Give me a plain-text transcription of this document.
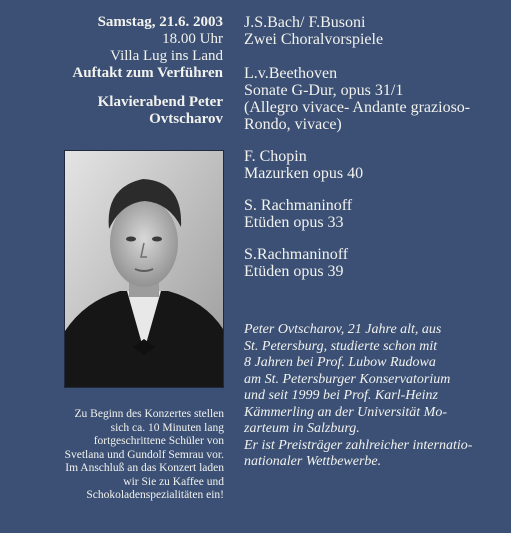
Samstag, 21.6. 2003
18.00 Uhr
Villa Lug ins Land
Auftakt zum Verführen
Klavierabend Peter
Ovtscharov
Zu Beginn des Konzertes stellen
sich ca. 10 Minuten lang
fortgeschrittene Schüler von
Svetlana und Gundolf Semrau vor.
Im Anschluß an das Konzert laden
wir Sie zu Kaffee und
Schokoladenspezialitäten ein!
J.S.Bach/ F.Busoni
Zwei Choralvorspiele
L.v.Beethoven
Sonate G-Dur, opus 31/1
(Allegro vivace- Andante grazioso-
Rondo, vivace)
F. Chopin
Mazurken opus 40
S. Rachmaninoff
Etüden opus 33
S.Rachmaninoff
Etüden opus 39
Peter Ovtscharov, 21 Jahre alt, aus
St. Petersburg, studierte schon mit
8 Jahren bei Prof. Lubow Rudowa
am St. Petersburger Konservatorium
und seit 1999 bei Prof. Karl-Heinz
Kämmerling an der Universität Mo-
zarteum in Salzburg.
Er ist Preisträger zahlreicher internatio-
nationaler Wettbewerbe.
